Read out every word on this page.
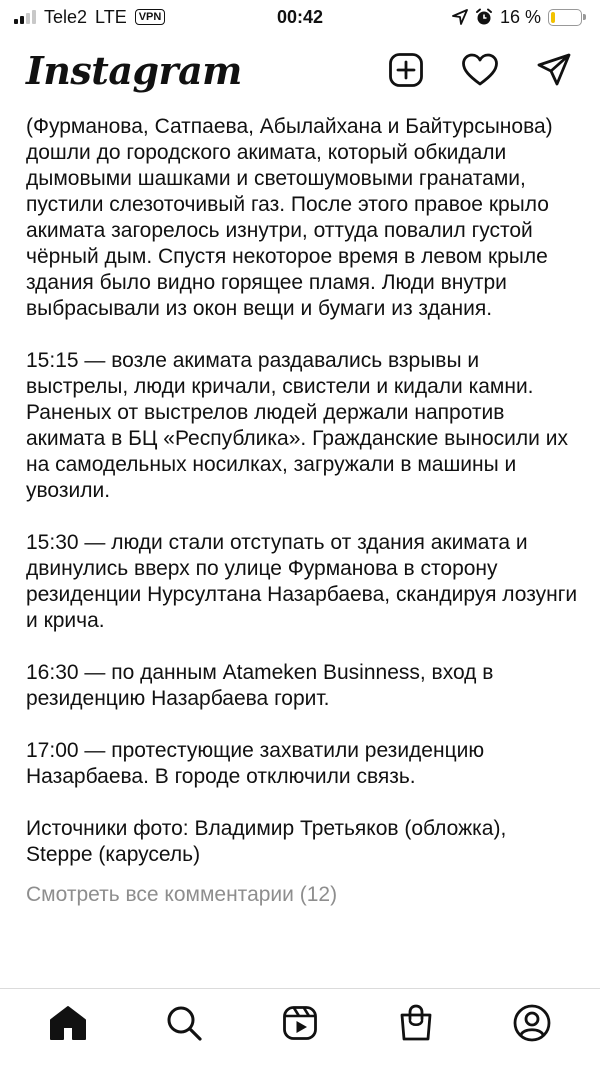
Tele2 LTE	VPN	00:42	16 %
Instagram

(Фурманова, Сатпаева, Абылайхана и Байтурсынова) дошли до городского акимата, который обкидали дымовыми шашками и светошумовыми гранатами, пустили слезоточивый газ. После этого правое крыло акимата загорелось изнутри, оттуда повалил густой чёрный дым. Спустя некоторое время в левом крыле здания было видно горящее пламя. Люди внутри выбрасывали из окон вещи и бумаги из здания.

15:15 — возле акимата раздавались взрывы и выстрелы, люди кричали, свистели и кидали камни. Раненых от выстрелов людей держали напротив акимата в БЦ «Республика». Гражданские выносили их на самодельных носилках, загружали в машины и увозили.

15:30 — люди стали отступать от здания акимата и двинулись вверх по улице Фурманова в сторону резиденции Нурсултана Назарбаева, скандируя лозунги и крича.

16:30 — по данным Atameken Businness, вход в резиденцию Назарбаева горит.

17:00 — протестующие захватили резиденцию Назарбаева. В городе отключили связь.

Источники фото: Владимир Третьяков (обложка), Steppe (карусель)

Смотреть все комментарии (12)
